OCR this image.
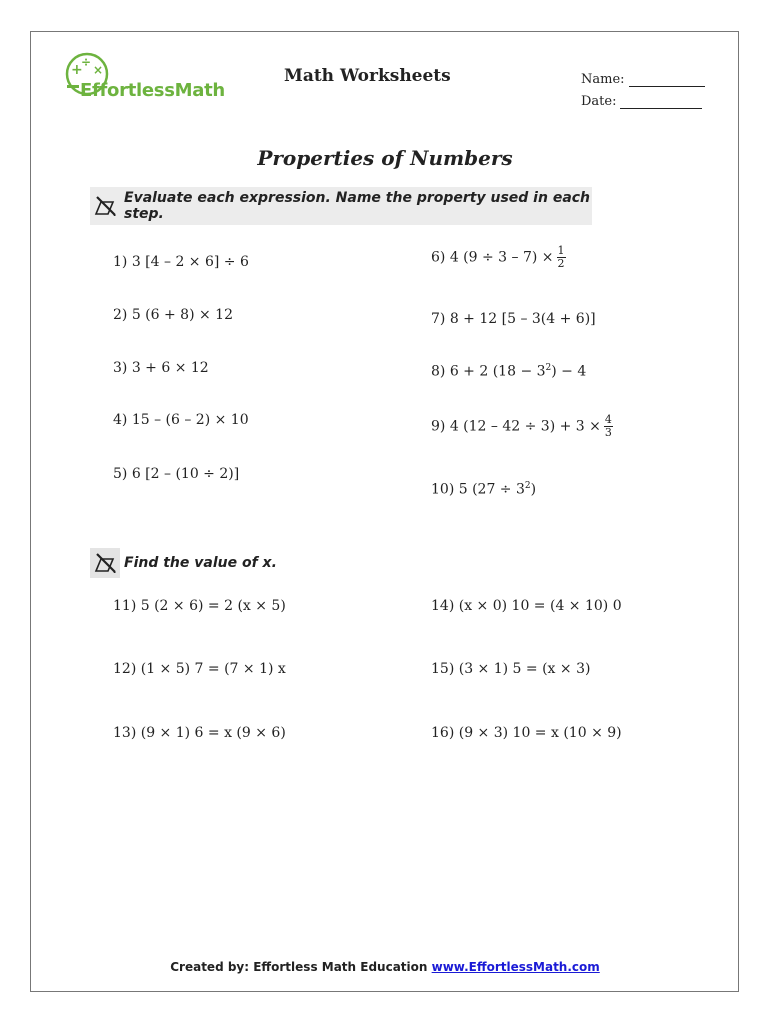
+
÷
×
EffortlessMath
Math Worksheets	Name:
Date:
Properties of Numbers
Evaluate each expression. Name the property used in each step.
1) 3 [4 – 2 × 6] ÷ 6
2) 5 (6 + 8) × 12
3) 3 + 6 × 12
4) 15 – (6 – 2) × 10
5) 6 [2 – (10 ÷ 2)]
6) 4 $(9 \div 3 - 7) \times \frac{1}{2}$
7) 8 + 12 [5 – 3(4 + 6)]
8) 6 + 2 $(18 - 3^2) - 4$
9) 4 $(12 - 42 \div 3) + 3 \times \frac{4}{3}$
10) 5 $(27 \div 3^2)$
Find the value of x.
11) 5 (2 × 6) = 2 (x × 5)
12) (1 × 5) 7 = (7 × 1) x
13) (9 × 1) 6 = x (9 × 6)
14) (x × 0) 10 = (4 × 10) 0
15) (3 × 1) 5 = (x × 3)
16) (9 × 3) 10 = x (10 × 9)
Created by: Effortless Math Education www.EffortlessMath.com
